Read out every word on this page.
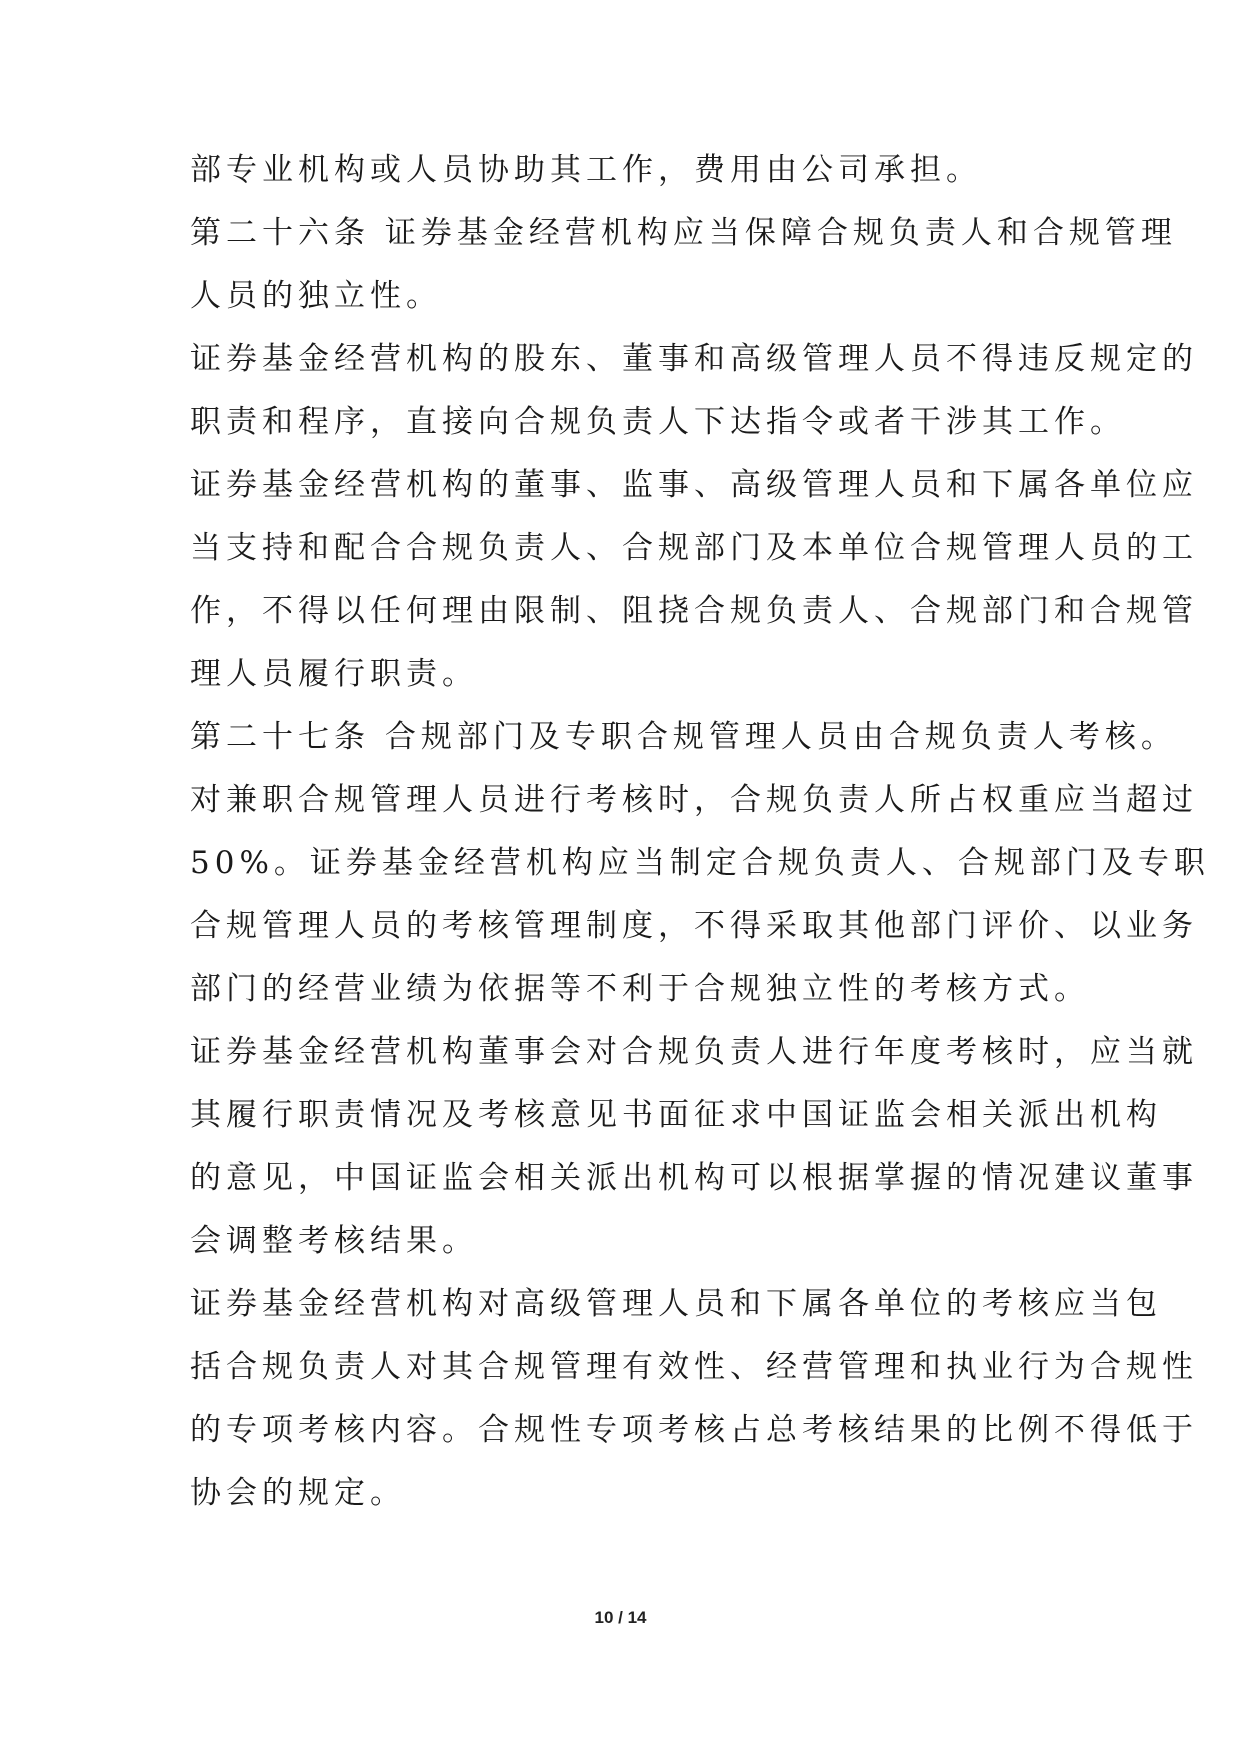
部专业机构或人员协助其工作，费用由公司承担。
第二十六条 证券基金经营机构应当保障合规负责人和合规管理
人员的独立性。
证券基金经营机构的股东、董事和高级管理人员不得违反规定的
职责和程序，直接向合规负责人下达指令或者干涉其工作。
证券基金经营机构的董事、监事、高级管理人员和下属各单位应
当支持和配合合规负责人、合规部门及本单位合规管理人员的工
作，不得以任何理由限制、阻挠合规负责人、合规部门和合规管
理人员履行职责。
第二十七条 合规部门及专职合规管理人员由合规负责人考核。
对兼职合规管理人员进行考核时，合规负责人所占权重应当超过
50%。证券基金经营机构应当制定合规负责人、合规部门及专职
合规管理人员的考核管理制度，不得采取其他部门评价、以业务
部门的经营业绩为依据等不利于合规独立性的考核方式。
证券基金经营机构董事会对合规负责人进行年度考核时，应当就
其履行职责情况及考核意见书面征求中国证监会相关派出机构
的意见，中国证监会相关派出机构可以根据掌握的情况建议董事
会调整考核结果。
证券基金经营机构对高级管理人员和下属各单位的考核应当包
括合规负责人对其合规管理有效性、经营管理和执业行为合规性
的专项考核内容。合规性专项考核占总考核结果的比例不得低于
协会的规定。
10 / 14
